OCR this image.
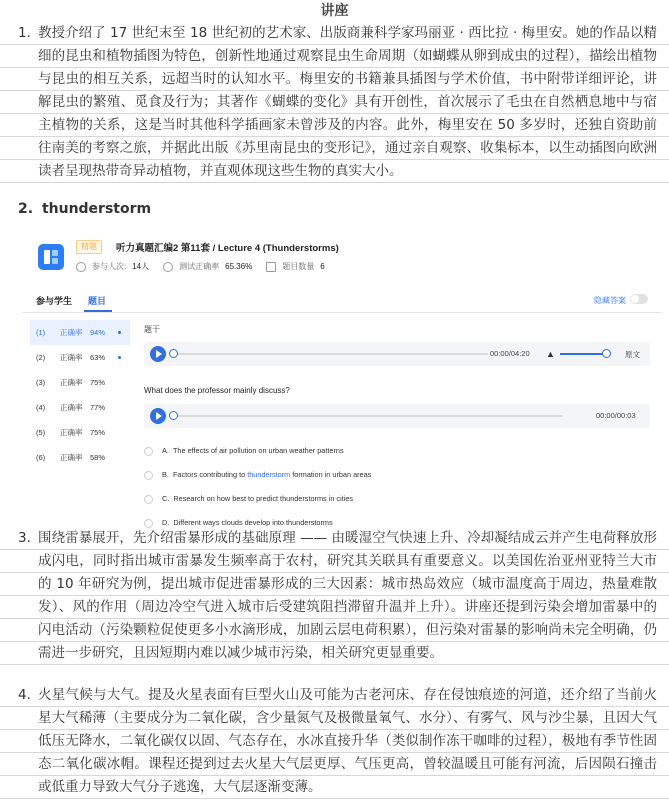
讲座
1. 教授介绍了 17 世纪末至 18 世纪初的艺术家、出版商兼科学家玛丽亚 · 西比拉 · 梅里安。她的作品以精细的昆虫和植物插图为特色，创新性地通过观察昆虫生命周期（如蝴蝶从卵到成虫的过程），描绘出植物与昆虫的相互关系，远超当时的认知水平。梅里安的书籍兼具插图与学术价值，书中附带详细评论，讲解昆虫的繁殖、觅食及行为；其著作《蝴蝶的变化》具有开创性，首次展示了毛虫在自然栖息地中与宿主植物的关系，这是当时其他科学插画家未曾涉及的内容。此外，梅里安在 50 多岁时，还独自资助前往南美的考察之旅，并据此出版《苏里南昆虫的变形记》，通过亲自观察、收集标本，以生动插图向欧洲读者呈现热带奇异动植物，并直观体现这些生物的真实大小。
2. thunderstorm
精题	听力真题汇编2 第11套 / Lecture 4 (Thunderstorms)
参与人次: 14人	测试正确率 65.36%	题目数量 6
参与学生 题目	隐藏答案
(1) 正确率 94%
(2) 正确率 63%
(3) 正确率 75%
(4) 正确率 77%
(5) 正确率 75%
(6) 正确率 58%
题干
00:00/04:20 ▲	原文
What does the professor mainly discuss?
00:00/00:03
A. The effects of air pollution on urban weather patterns
B. Factors contributing to thunderstorm formation in urban areas
C. Research on how best to predict thunderstorms in cities
D. Different ways clouds develop into thunderstorms
3. 围绕雷暴展开，先介绍雷暴形成的基础原理 —— 由暖湿空气快速上升、冷却凝结成云并产生电荷释放形成闪电，同时指出城市雷暴发生频率高于农村，研究其关联具有重要意义。以美国佐治亚州亚特兰大市的 10 年研究为例，提出城市促进雷暴形成的三大因素：城市热岛效应（城市温度高于周边，热量难散发）、风的作用（周边冷空气进入城市后受建筑阻挡滞留升温并上升）。讲座还提到污染会增加雷暴中的闪电活动（污染颗粒促使更多小水滴形成，加剧云层电荷积累），但污染对雷暴的影响尚未完全明确，仍需进一步研究，且因短期内难以减少城市污染，相关研究更显重要。
4. 火星气候与大气。提及火星表面有巨型火山及可能为古老河床、存在侵蚀痕迹的河道，还介绍了当前火星大气稀薄（主要成分为二氧化碳，含少量氮气及极微量氧气、水分）、有雾气、风与沙尘暴，且因大气低压无降水，二氧化碳仅以固、气态存在，水冰直接升华（类似制作冻干咖啡的过程），极地有季节性固态二氧化碳冰帽。课程还提到过去火星大气层更厚、气压更高，曾较温暖且可能有河流，后因陨石撞击或低重力导致大气分子逃逸，大气层逐渐变薄。
